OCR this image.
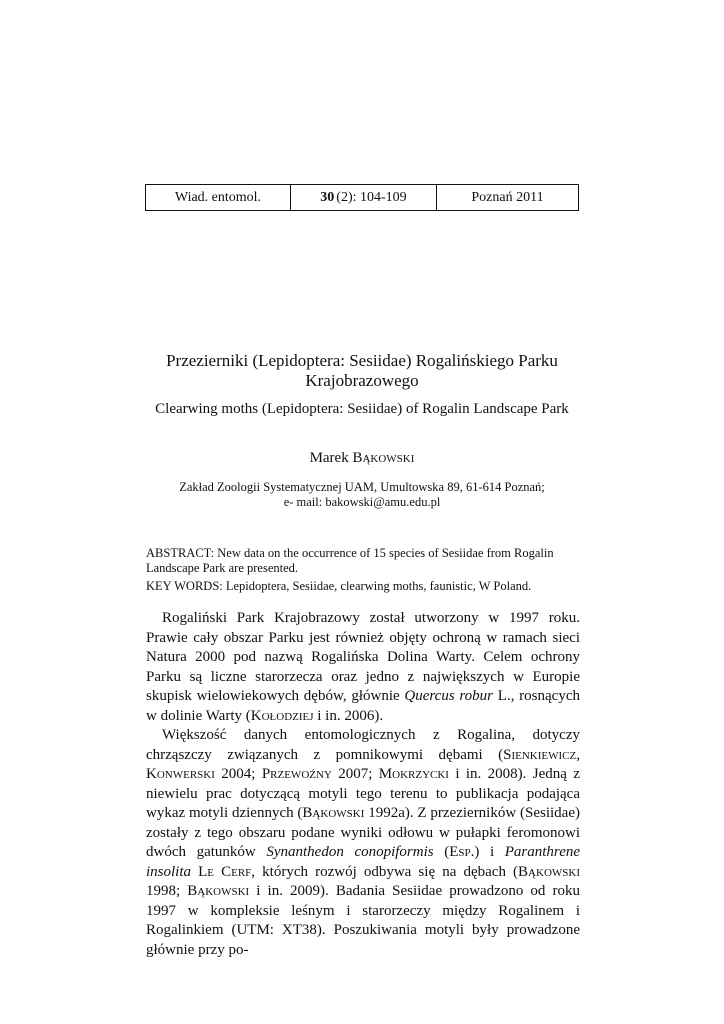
Wiad. entomol.	30 (2): 104-109	Poznań 2011
Przezierniki (Lepidoptera: Sesiidae) Rogalińskiego Parku Krajobrazowego
Clearwing moths (Lepidoptera: Sesiidae) of Rogalin Landscape Park
Marek Bąkowski
Zakład Zoologii Systematycznej UAM, Umultowska 89, 61-614 Poznań;
e- mail: bakowski@amu.edu.pl
ABSTRACT: New data on the occurrence of 15 species of Sesiidae from Rogalin Landscape Park are presented.
KEY WORDS: Lepidoptera, Sesiidae, clearwing moths, faunistic, W Poland.

Rogaliński Park Krajobrazowy został utworzony w 1997 roku. Prawie cały obszar Parku jest również objęty ochroną w ramach sieci Natura 2000 pod nazwą Rogalińska Dolina Warty. Celem ochrony Parku są liczne starorzecza oraz jedno z największych w Europie skupisk wielowiekowych dębów, głównie Quercus robur L., rosnących w dolinie Warty (Kołodziej i in. 2006).

Większość danych entomologicznych z Rogalina, dotyczy chrząszczy związanych z pomnikowymi dębami (Sienkiewicz, Konwerski 2004; Przewoźny 2007; Mokrzycki i in. 2008). Jedną z niewielu prac dotyczącą motyli tego terenu to publikacja podająca wykaz motyli dziennych (Bąkowski 1992a). Z przezierników (Sesiidae) zostały z tego obszaru podane wyniki odłowu w pułapki feromonowi dwóch gatunków Synanthedon conopiformis (Esp.) i Paranthrene insolita Le Cerf, których rozwój odbywa się na dębach (Bąkowski 1998; Bąkowski i in. 2009). Badania Sesiidae prowadzono od roku 1997 w kompleksie leśnym i starorzeczy między Rogalinem i Rogalinkiem (UTM: XT38). Poszukiwania motyli były prowadzone głównie przy po-
